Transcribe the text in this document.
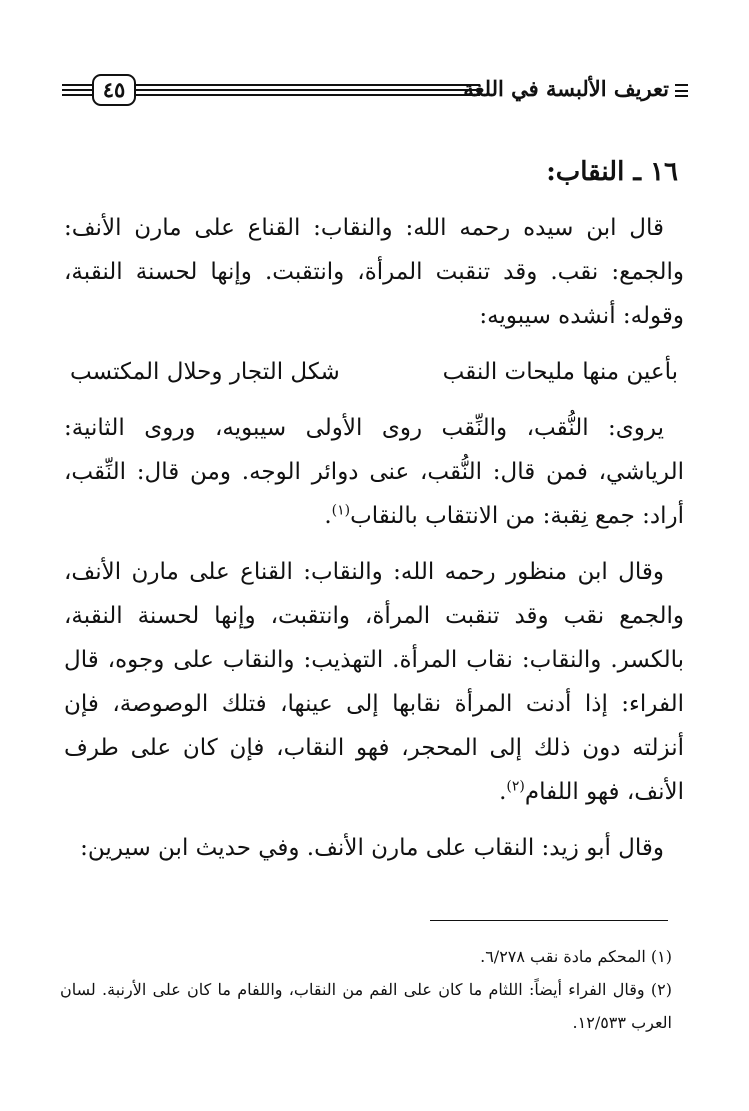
٤٥	تعريف الألبسة في اللغة
١٦ ـ النقاب:

قال ابن سيده رحمه الله: والنقاب: القناع على مارن الأنف: والجمع: نقب. وقد تنقبت المرأة، وانتقبت. وإنها لحسنة النقبة، وقوله: أنشده سيبويه:

بأعين منها مليحات النقب
شكل التجار وحلال المكتسب

يروى: النُّقب، والنِّقب روى الأولى سيبويه، وروى الثانية: الرياشي، فمن قال: النُّقب، عنى دوائر الوجه. ومن قال: النِّقب، أراد: جمع نِقبة: من الانتقاب بالنقاب$^{(١)}$.

وقال ابن منظور رحمه الله: والنقاب: القناع على مارن الأنف، والجمع نقب وقد تنقبت المرأة، وانتقبت، وإنها لحسنة النقبة، بالكسر. والنقاب: نقاب المرأة. التهذيب: والنقاب على وجوه، قال الفراء: إذا أدنت المرأة نقابها إلى عينها، فتلك الوصوصة، فإن أنزلته دون ذلك إلى المحجر، فهو النقاب، فإن كان على طرف الأنف، فهو اللفام$^{(٢)}$.

وقال أبو زيد: النقاب على مارن الأنف. وفي حديث ابن سيرين:

(١) المحكم مادة نقب ٦/٢٧٨.

(٢) وقال الفراء أيضاً: اللثام ما كان على الفم من النقاب، واللفام ما كان على الأرنبة. لسان العرب ١٢/٥٣٣.
